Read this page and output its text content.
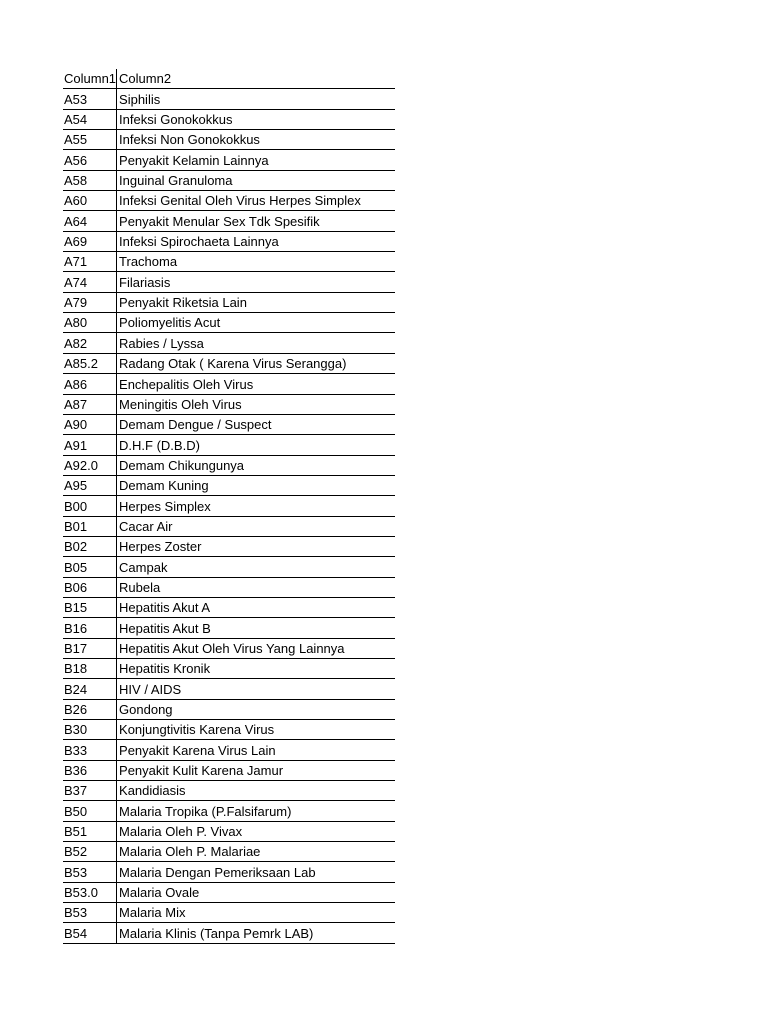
Column1	Column2
A53	Siphilis
A54	Infeksi Gonokokkus
A55	Infeksi Non Gonokokkus
A56	Penyakit Kelamin Lainnya
A58	Inguinal Granuloma
A60	Infeksi Genital Oleh Virus Herpes Simplex
A64	Penyakit Menular Sex Tdk Spesifik
A69	Infeksi Spirochaeta Lainnya
A71	Trachoma
A74	Filariasis
A79	Penyakit Riketsia Lain
A80	Poliomyelitis Acut
A82	Rabies / Lyssa
A85.2	Radang Otak ( Karena Virus Serangga)
A86	Enchepalitis Oleh Virus
A87	Meningitis Oleh Virus
A90	Demam Dengue / Suspect
A91	D.H.F (D.B.D)
A92.0	Demam Chikungunya
A95	Demam Kuning
B00	Herpes Simplex
B01	Cacar Air
B02	Herpes Zoster
B05	Campak
B06	Rubela
B15	Hepatitis Akut A
B16	Hepatitis Akut B
B17	Hepatitis Akut Oleh Virus Yang Lainnya
B18	Hepatitis Kronik
B24	HIV / AIDS
B26	Gondong
B30	Konjungtivitis Karena Virus
B33	Penyakit Karena Virus Lain
B36	Penyakit Kulit Karena Jamur
B37	Kandidiasis
B50	Malaria Tropika (P.Falsifarum)
B51	Malaria Oleh P. Vivax
B52	Malaria Oleh P. Malariae
B53	Malaria Dengan Pemeriksaan Lab
B53.0	Malaria Ovale
B53	Malaria Mix
B54	Malaria Klinis (Tanpa Pemrk LAB)
